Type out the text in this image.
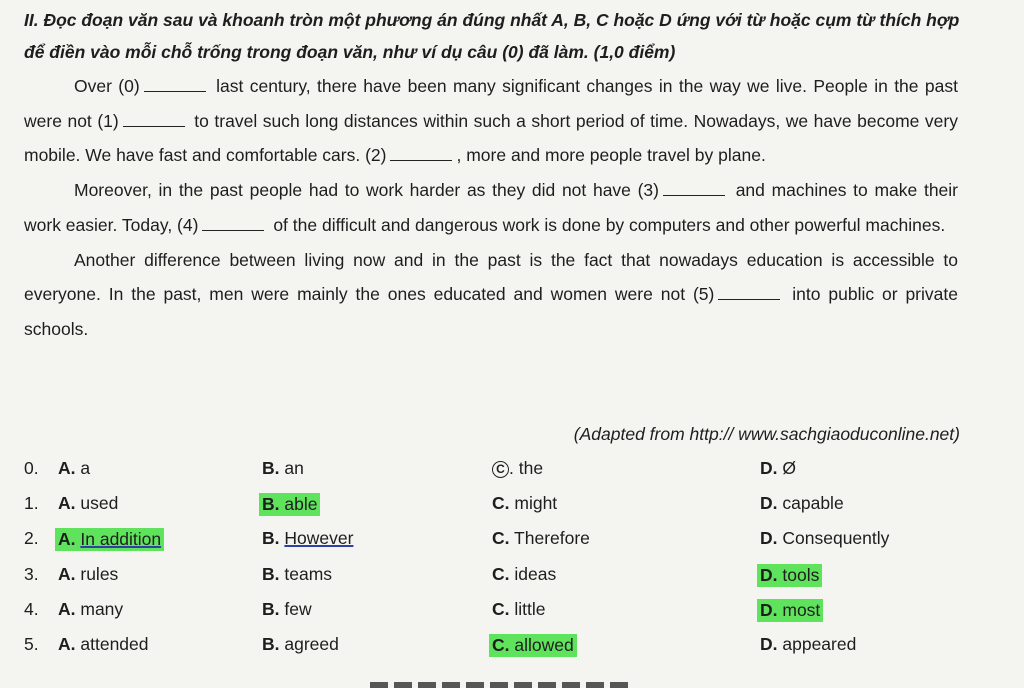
II. Đọc đoạn văn sau và khoanh tròn một phương án đúng nhất A, B, C hoặc D ứng với từ hoặc cụm từ thích hợp để điền vào mỗi chỗ trống trong đoạn văn, như ví dụ câu (0) đã làm. (1,0 điểm)

Over (0)	last century, there have been many significant changes in the way we live. People in the past were not (1)	to travel such long distances within such a short period of time. Nowadays, we have become very mobile. We have fast and comfortable cars. (2)	, more and more people travel by plane.

Moreover, in the past people had to work harder as they did not have (3)	and machines to make their work easier. Today, (4)	of the difficult and dangerous work is done by computers and other powerful machines.

Another difference between living now and in the past is the fact that nowadays education is accessible to everyone. In the past, men were mainly the ones educated and women were not (5)	into public or private schools.

(Adapted from http:// www.sachgiaoduconline.net)
0. A. a	B. an	C . the	D. Ø
1. A. used	B. able	C. might	D. capable
2. A. In addition	B. However	C. Therefore	D. Consequently
3. A. rules	B. teams	C. ideas	D. tools
4. A. many	B. few	C. little	D. most
5. A. attended	B. agreed	C. allowed	D. appeared
